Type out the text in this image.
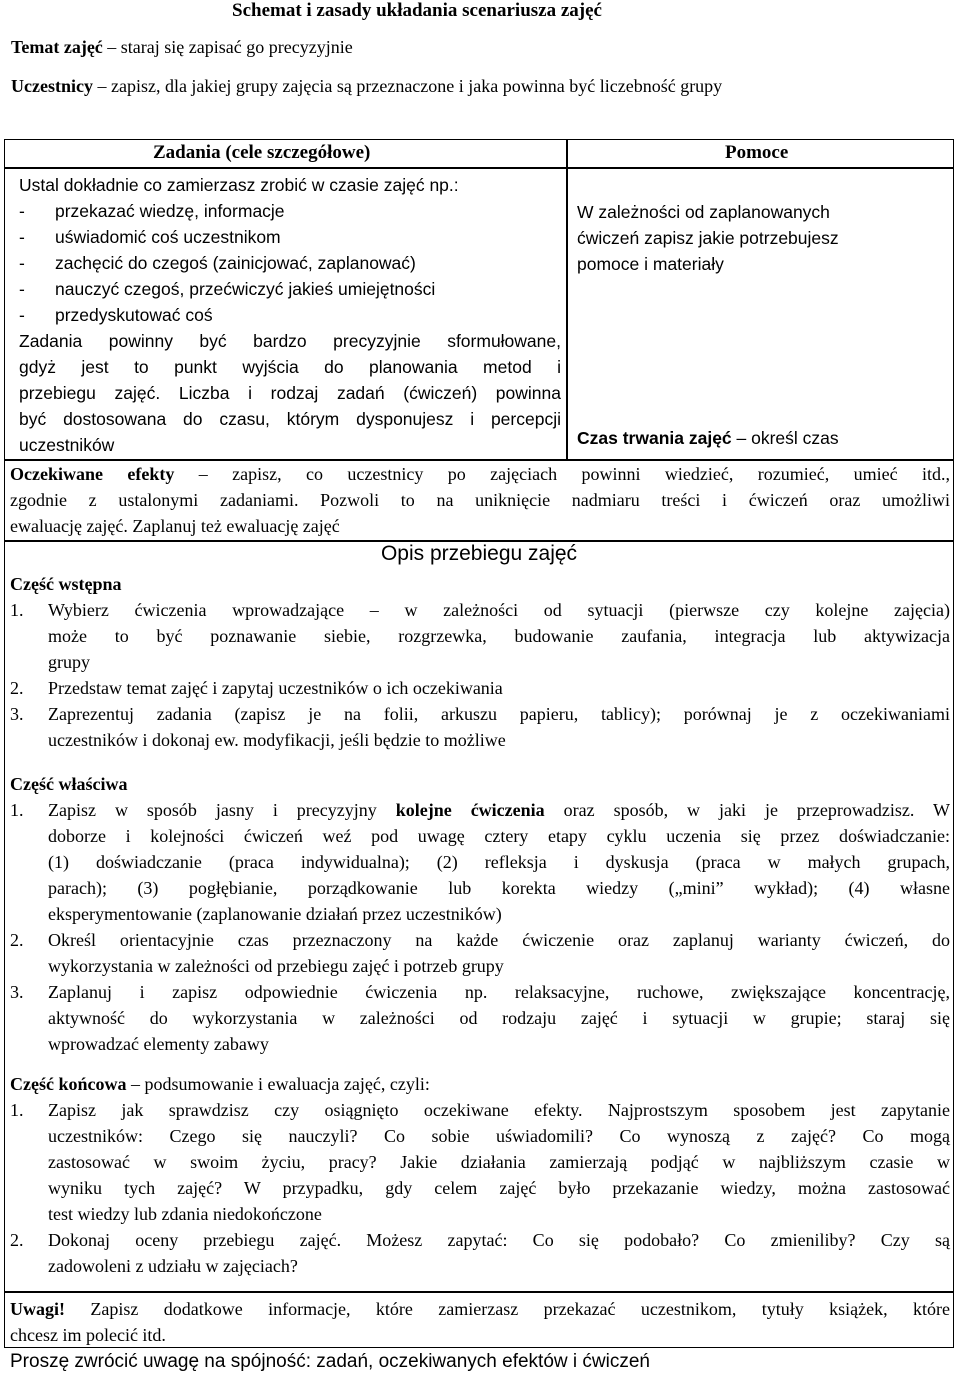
Schemat i zasady układania scenariusza zajęć
Temat zajęć – staraj się zapisać go precyzyjnie
Uczestnicy – zapisz, dla jakiej grupy zajęcia są przeznaczone i jaka powinna być liczebność grupy
Zadania (cele szczegółowe)	Pomoce
Ustal dokładnie co zamierzasz zrobić w czasie zajęć np.:
- przekazać wiedzę, informacje
- uświadomić coś uczestnikom
- zachęcić do czegoś (zainicjować, zaplanować)
- nauczyć czegoś, przećwiczyć jakieś umiejętności
- przedyskutować coś
Zadania powinny być bardzo precyzyjnie sformułowane,
gdyż jest to punkt wyjścia do planowania metod i
przebiegu zajęć. Liczba i rodzaj zadań (ćwiczeń) powinna
być dostosowana do czasu, którym dysponujesz i percepcji
uczestników
W zależności od zaplanowanych
ćwiczeń zapisz jakie potrzebujesz
pomoce i materiały
Czas trwania zajęć – określ czas
Oczekiwane efekty – zapisz, co uczestnicy po zajęciach powinni wiedzieć, rozumieć, umieć itd.,
zgodnie z ustalonymi zadaniami. Pozwoli to na uniknięcie nadmiaru treści i ćwiczeń oraz umożliwi
ewaluację zajęć. Zaplanuj też ewaluację zajęć
Opis przebiegu zajęć
Część wstępna
1. Wybierz ćwiczenia wprowadzające – w zależności od sytuacji (pierwsze czy kolejne zajęcia)
może to być poznawanie siebie, rozgrzewka, budowanie zaufania, integracja lub aktywizacja
grupy
2. Przedstaw temat zajęć i zapytaj uczestników o ich oczekiwania
3. Zaprezentuj zadania (zapisz je na folii, arkuszu papieru, tablicy); porównaj je z oczekiwaniami
uczestników i dokonaj ew. modyfikacji, jeśli będzie to możliwe
Część właściwa
1. Zapisz w sposób jasny i precyzyjny kolejne ćwiczenia oraz sposób, w jaki je przeprowadzisz. W
doborze i kolejności ćwiczeń weź pod uwagę cztery etapy cyklu uczenia się przez doświadczanie:
(1) doświadczanie (praca indywidualna); (2) refleksja i dyskusja (praca w małych grupach,
parach); (3) pogłębianie, porządkowanie lub korekta wiedzy („mini” wykład); (4) własne
eksperymentowanie (zaplanowanie działań przez uczestników)
2. Określ orientacyjnie czas przeznaczony na każde ćwiczenie oraz zaplanuj warianty ćwiczeń, do
wykorzystania w zależności od przebiegu zajęć i potrzeb grupy
3. Zaplanuj i zapisz odpowiednie ćwiczenia np. relaksacyjne, ruchowe, zwiększające koncentrację,
aktywność do wykorzystania w zależności od rodzaju zajęć i sytuacji w grupie; staraj się
wprowadzać elementy zabawy
Część końcowa – podsumowanie i ewaluacja zajęć, czyli:
1. Zapisz jak sprawdzisz czy osiągnięto oczekiwane efekty. Najprostszym sposobem jest zapytanie
uczestników: Czego się nauczyli? Co sobie uświadomili? Co wynoszą z zajęć? Co mogą
zastosować w swoim życiu, pracy? Jakie działania zamierzają podjąć w najbliższym czasie w
wyniku tych zajęć? W przypadku, gdy celem zajęć było przekazanie wiedzy, można zastosować
test wiedzy lub zdania niedokończone
2. Dokonaj oceny przebiegu zajęć. Możesz zapytać: Co się podobało? Co zmieniliby? Czy są
zadowoleni z udziału w zajęciach?
Uwagi! Zapisz dodatkowe informacje, które zamierzasz przekazać uczestnikom, tytuły książek, które
chcesz im polecić itd.
Proszę zwrócić uwagę na spójność: zadań, oczekiwanych efektów i ćwiczeń
